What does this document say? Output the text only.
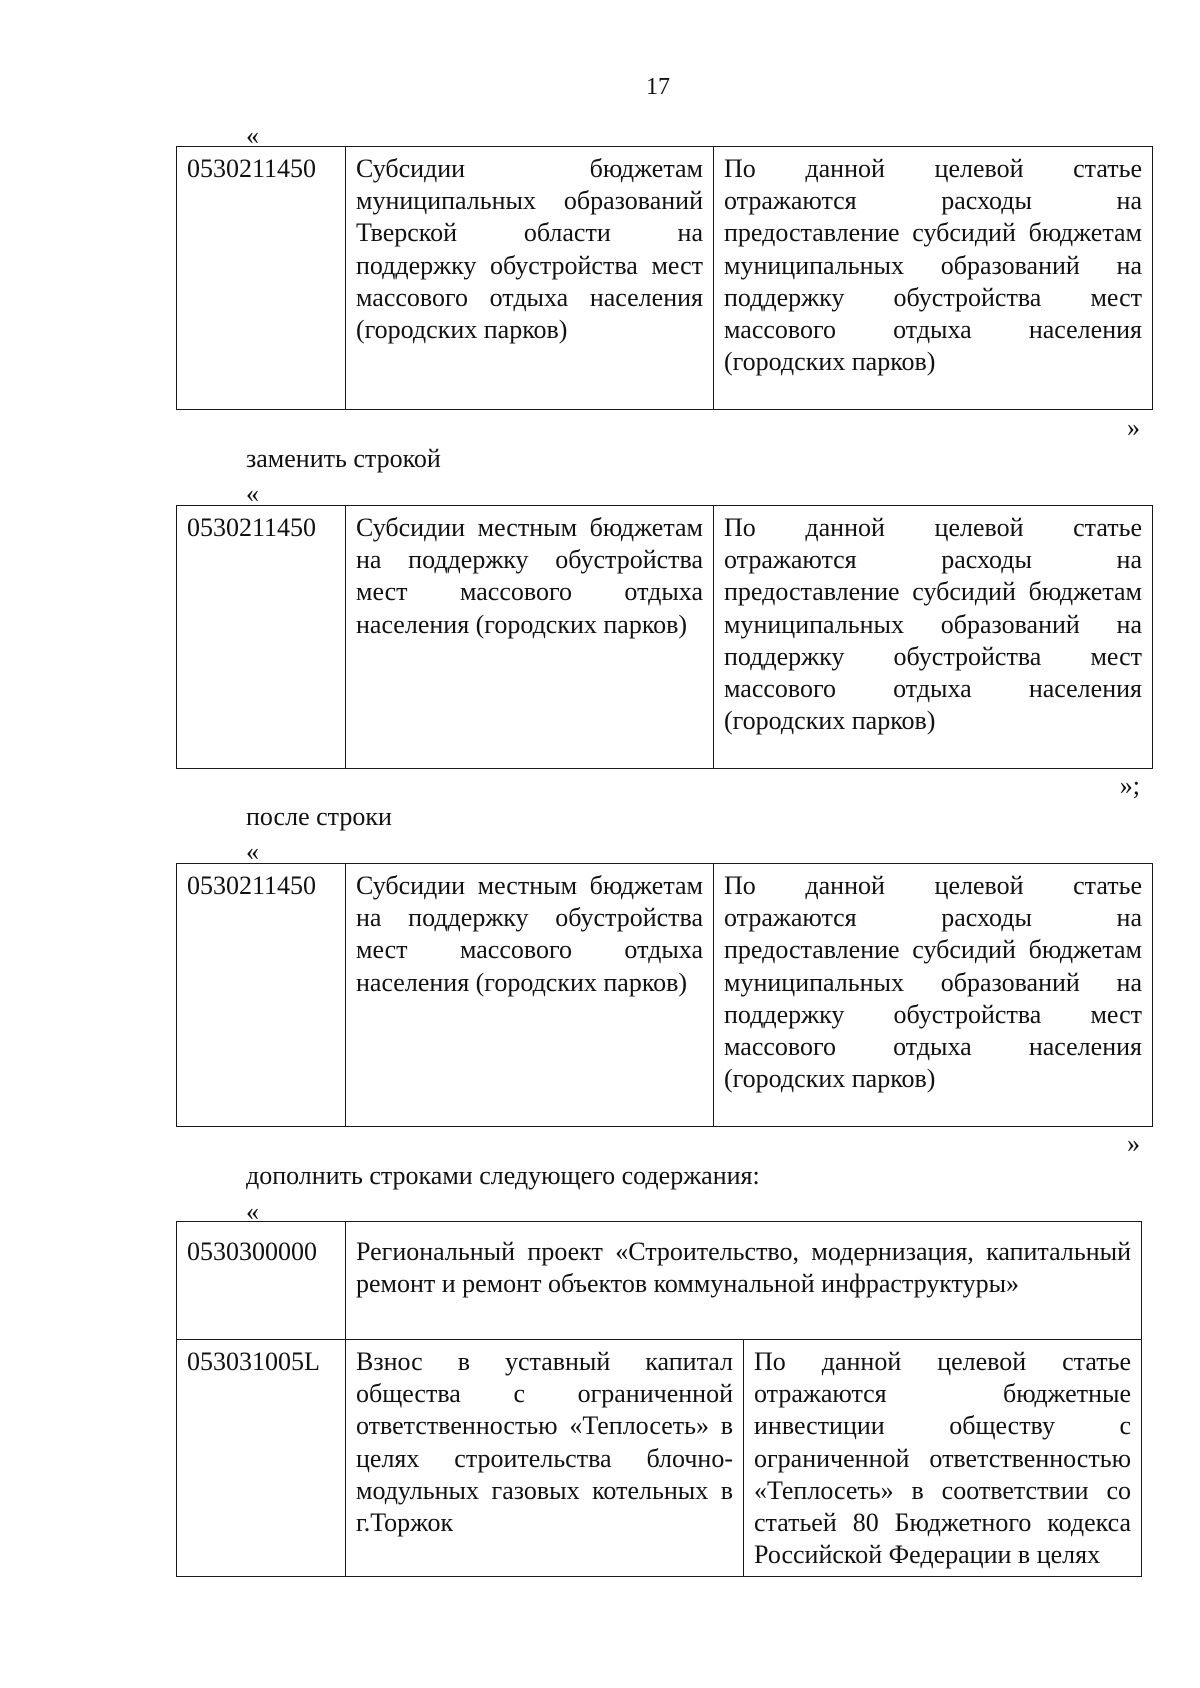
17
«
0530211450	Субсидии бюджетам муниципальных образований Тверской области на поддержку обустройства мест массового отдыха населения (городских парков)	По данной целевой статье отражаются расходы на предоставление субсидий бюджетам муниципальных образований на поддержку обустройства мест массового отдыха населения (городских парков)
»
заменить строкой
«
0530211450	Субсидии местным бюджетам на поддержку обустройства мест массового отдыха населения (городских парков)	По данной целевой статье отражаются расходы на предоставление субсидий бюджетам муниципальных образований на поддержку обустройства мест массового отдыха населения (городских парков)
»;
после строки
«
0530211450	Субсидии местным бюджетам на поддержку обустройства мест массового отдыха населения (городских парков)	По данной целевой статье отражаются расходы на предоставление субсидий бюджетам муниципальных образований на поддержку обустройства мест массового отдыха населения (городских парков)
»
дополнить строками следующего содержания:
«
0530300000	Региональный проект «Строительство, модернизация, капитальный ремонт и ремонт объектов коммунальной инфраструктуры»	

053031005L	Взнос в уставный капитал общества с ограниченной ответственностью «Теплосеть» в целях строительства блочно-модульных газовых котельных в г.Торжок	По данной целевой статье отражаются бюджетные инвестиции обществу с ограниченной ответственностью «Теплосеть» в соответствии со статьей 80 Бюджетного кодекса Российской Федерации в целях
